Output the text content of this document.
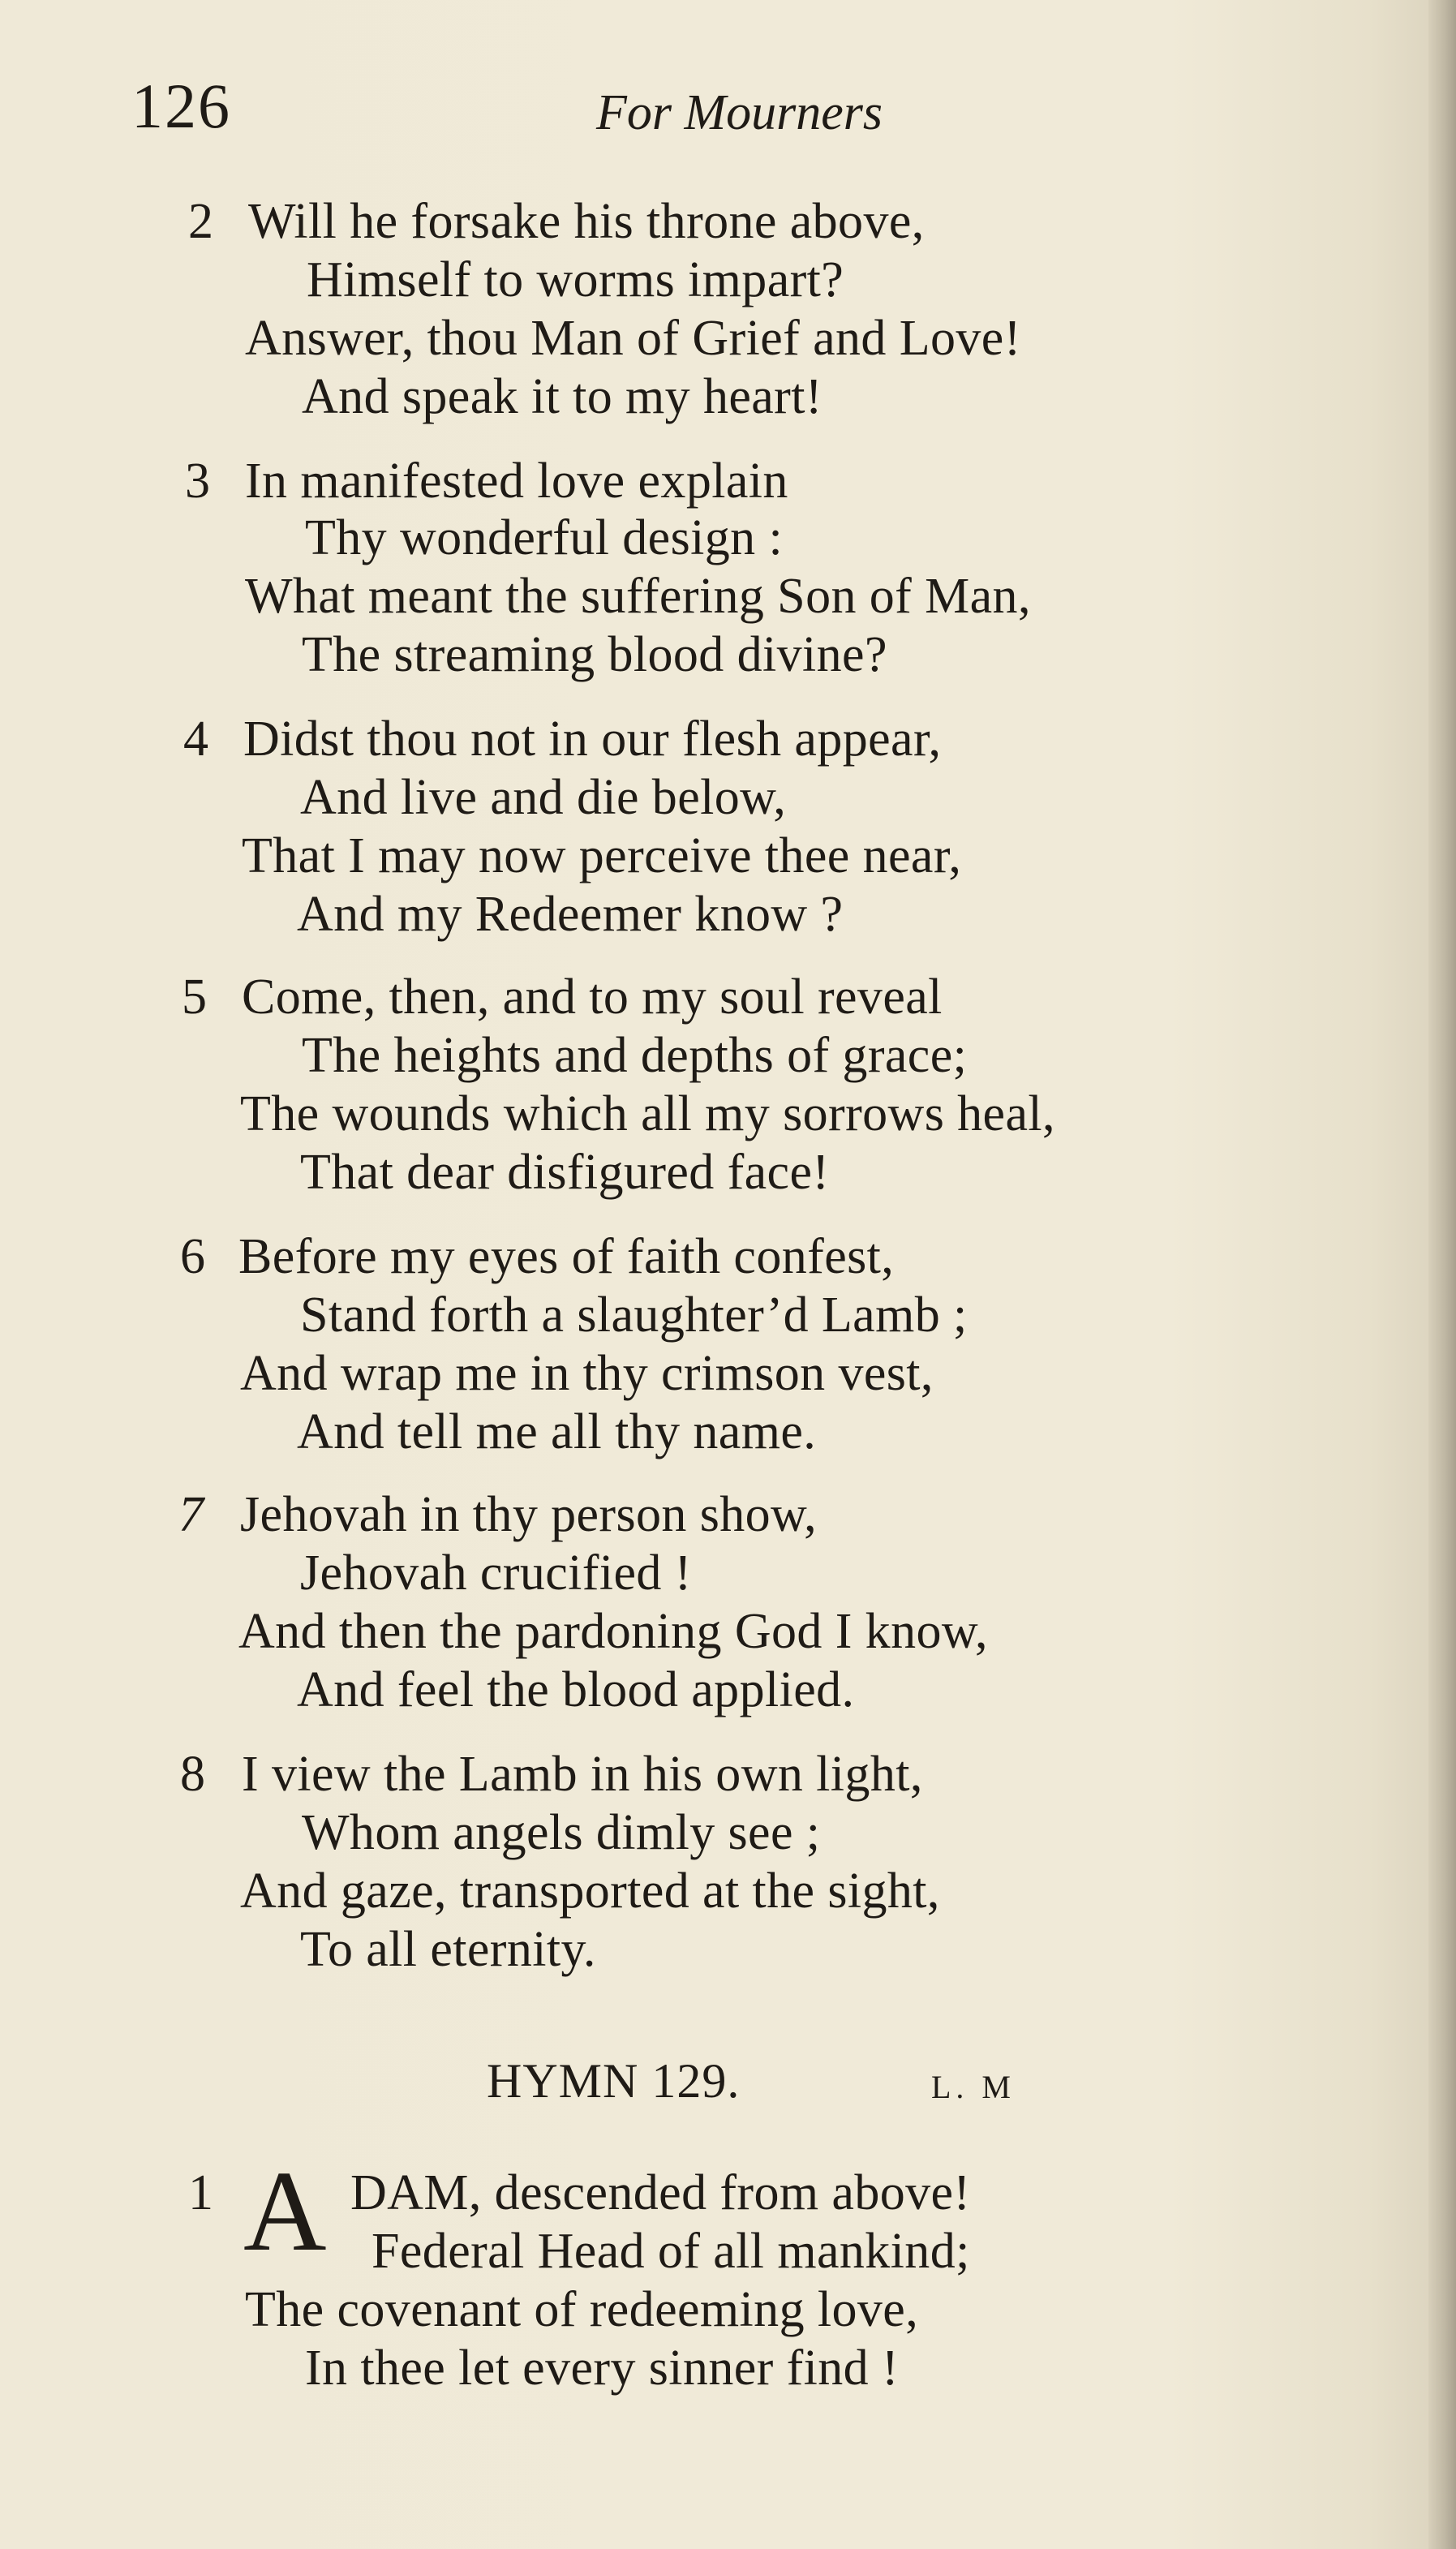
126	For Mourners
2 Will he forsake his throne above,
Himself to worms impart?
Answer, thou Man of Grief and Love!
And speak it to my heart!
3 In manifested love explain
Thy wonderful design :
What meant the suffering Son of Man,
The streaming blood divine?
4 Didst thou not in our flesh appear,
And live and die below,
That I may now perceive thee near,
And my Redeemer know ?
5 Come, then, and to my soul reveal
The heights and depths of grace;
The wounds which all my sorrows heal,
That dear disfigured face!
6 Before my eyes of faith confest,
Stand forth a slaughter’d Lamb ;
And wrap me in thy crimson vest,
And tell me all thy name.
7 Jehovah in thy person show,
Jehovah crucified !
And then the pardoning God I know,
And feel the blood applied.
8 I view the Lamb in his own light,
Whom angels dimly see ;
And gaze, transported at the sight,
To all eternity.
HYMN 129.	L. M
1 A DAM, descended from above!
Federal Head of all mankind;
The covenant of redeeming love,
In thee let every sinner find !
